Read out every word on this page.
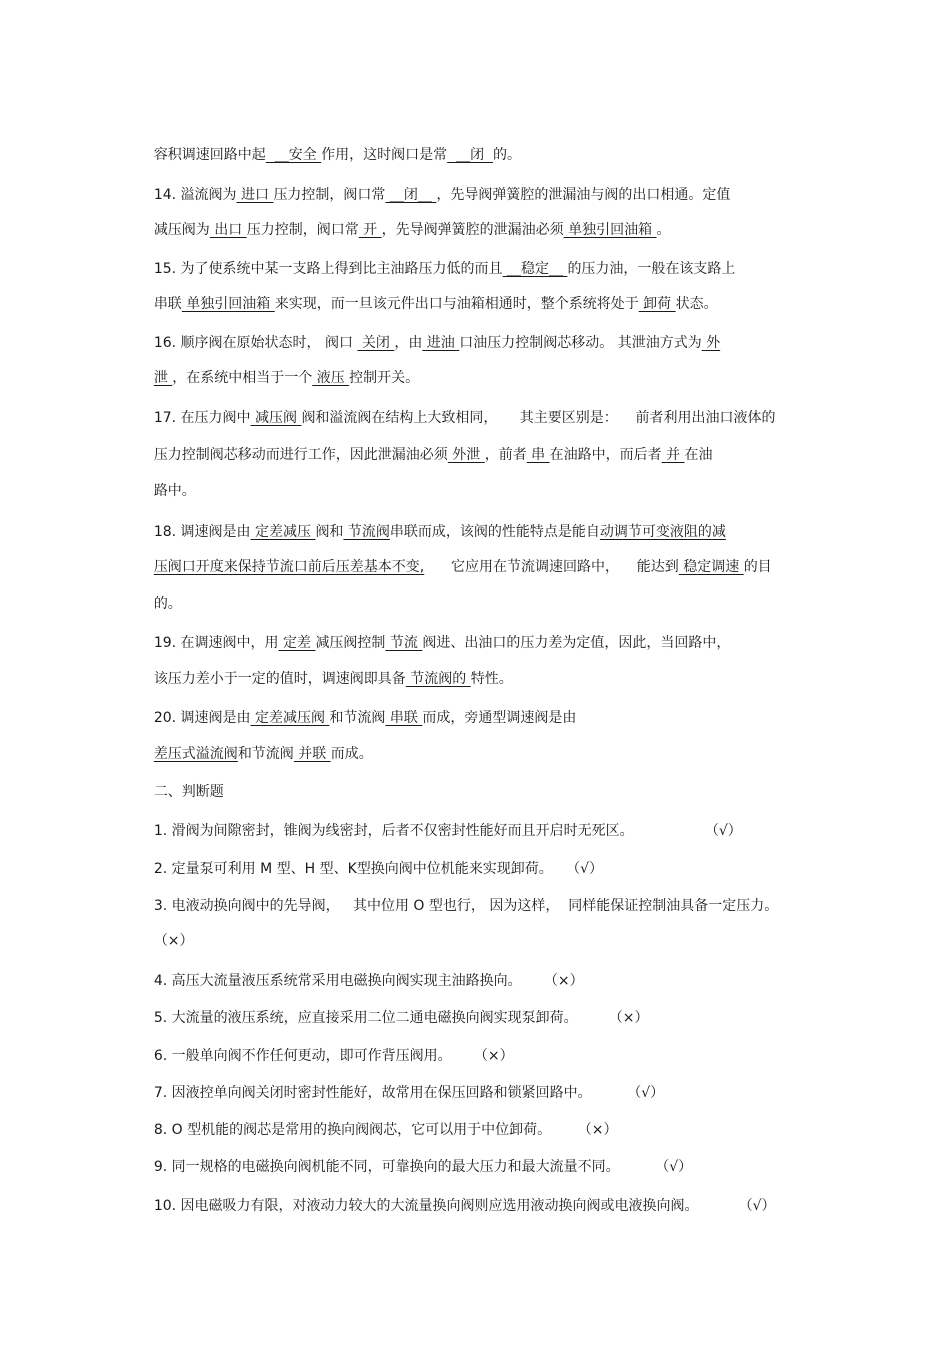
容积调速回路中起  __安全 作用，这时阀口是常  __闭  的。

14. 溢流阀为 进口 压力控制，阀口常 __闭__ ，先导阀弹簧腔的泄漏油与阀的出口相通。定值

减压阀为 出口 压力控制，阀口常 开 ，先导阀弹簧腔的泄漏油必须 单独引回油箱 。

15. 为了使系统中某一支路上得到比主油路压力低的而且 __稳定__ 的压力油，一般在该支路上

串联 单独引回油箱 来实现，而一旦该元件出口与油箱相通时，整个系统将处于 卸荷 状态。

16. 顺序阀在原始状态时， 阀口  关闭 ，由 进油 口油压力控制阀芯移动。 其泄油方式为 外

泄 ，在系统中相当于一个 液压 控制开关。

17. 在压力阀中 减压阀 阀和溢流阀在结构上大致相同，     其主要区别是：    前者利用出油口液体的

压力控制阀芯移动而进行工作，因此泄漏油必须 外泄 ，前者 串 在油路中，而后者 并 在油

路中。

18. 调速阀是由 定差减压 阀和 节流阀串联而成，该阀的性能特点是能自动调节可变液阻的减

压阀口开度来保持节流口前后压差基本不变,      它应用在节流调速回路中，    能达到 稳定调速 的目

的。

19. 在调速阀中，用 定差 减压阀控制 节流 阀进、出油口的压力差为定值，因此，当回路中，

该压力差小于一定的值时，调速阀即具备 节流阀的 特性。

20. 调速阀是由 定差减压阀 和节流阀 串联 而成，旁通型调速阀是由

差压式溢流阀和节流阀 并联 而成。

二、判断题

1. 滑阀为间隙密封，锥阀为线密封，后者不仅密封性能好而且开启时无死区。                （√）

2. 定量泵可利用 M 型、H 型、K型换向阀中位机能来实现卸荷。   （√）

3. 电液动换向阀中的先导阀，   其中位用 O 型也行， 因为这样，  同样能保证控制油具备一定压力。

（×）

4. 高压大流量液压系统常采用电磁换向阀实现主油路换向。     （×）

5. 大流量的液压系统，应直接采用二位二通电磁换向阀实现泵卸荷。       （×）

6. 一般单向阀不作任何更动，即可作背压阀用。     （×）

7. 因液控单向阀关闭时密封性能好，故常用在保压回路和锁紧回路中。        （√）

8. O 型机能的阀芯是常用的换向阀阀芯，它可以用于中位卸荷。      （×）

9. 同一规格的电磁换向阀机能不同，可靠换向的最大压力和最大流量不同。        （√）

10. 因电磁吸力有限，对液动力较大的大流量换向阀则应选用液动换向阀或电液换向阀。         （√）
